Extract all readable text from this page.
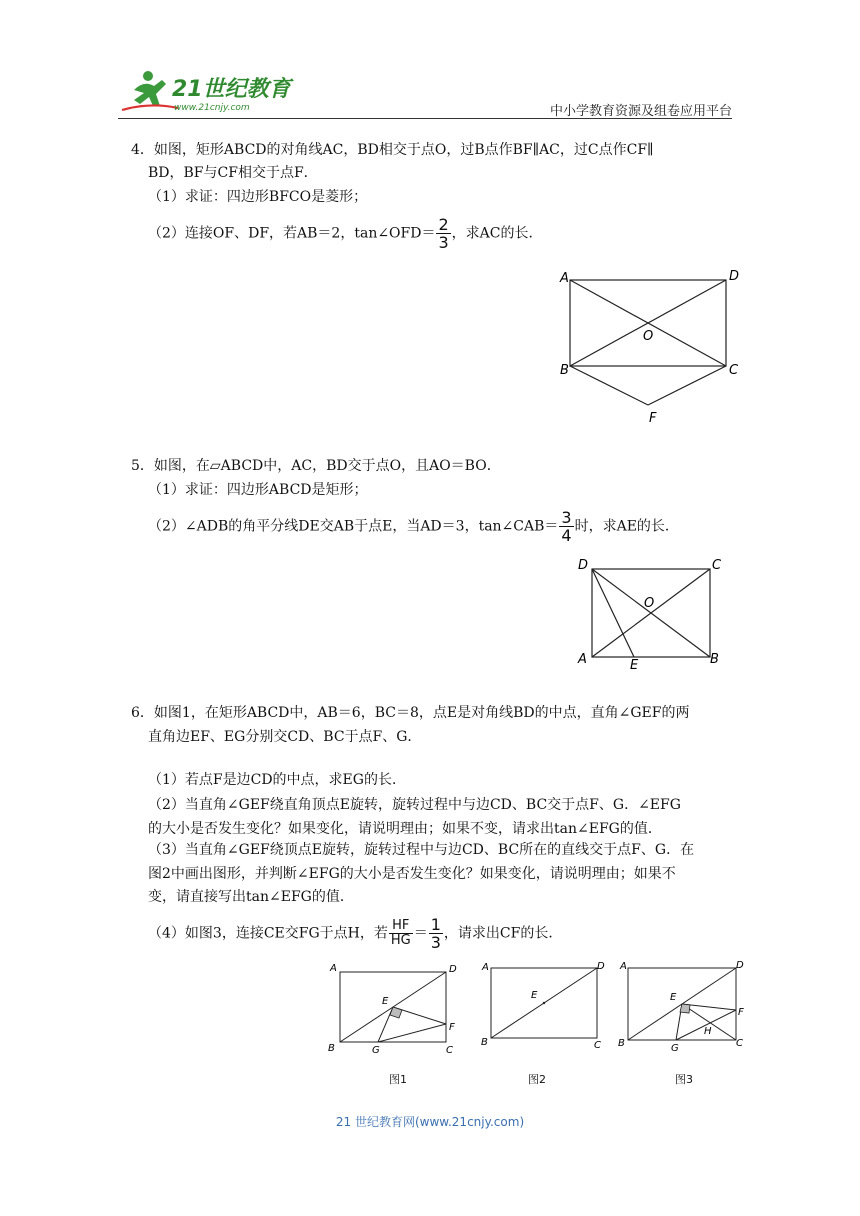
21世纪教育
www.21cnjy.com	中小学教育资源及组卷应用平台
4．如图，矩形ABCD的对角线AC，BD相交于点O，过B点作BF∥AC，过C点作CF∥
BD，BF与CF相交于点F．
（1）求证：四边形BFCO是菱形；
（2）连接OF、DF，若AB＝2，tan∠OFD＝ $\frac{2}{3}$ ，求AC的长．
A	D
B	C
O
F
5．如图，在▱ABCD中，AC，BD交于点O，且AO＝BO．
（1）求证：四边形ABCD是矩形；
（2）∠ADB的角平分线DE交AB于点E，当AD＝3，tan∠CAB＝ $\frac{3}{4}$ 时，求AE的长．
D	C
A	B
O
E
6．如图1，在矩形ABCD中，AB＝6，BC＝8，点E是对角线BD的中点，直角∠GEF的两
直角边EF、EG分别交CD、BC于点F、G．
（1）若点F是边CD的中点，求EG的长．
（2）当直角∠GEF绕直角顶点E旋转，旋转过程中与边CD、BC交于点F、G．∠EFG
的大小是否发生变化？如果变化，请说明理由；如果不变，请求出tan∠EFG的值．
（3）当直角∠GEF绕顶点E旋转，旋转过程中与边CD、BC所在的直线交于点F、G．在
图2中画出图形，并判断∠EFG的大小是否发生变化？如果变化，请说明理由；如果不
变，请直接写出tan∠EFG的值．
（4）如图3，连接CE交FG于点H，若 $\frac{HF}{HG} = \frac{1}{3}$ ，请求出CF的长．
A	D
B	C
E
F
G
图1
A	D
B	C
E
图2
A	D
B	C
E
F
G
H
图3
21 世纪教育网(www.21cnjy.com)
